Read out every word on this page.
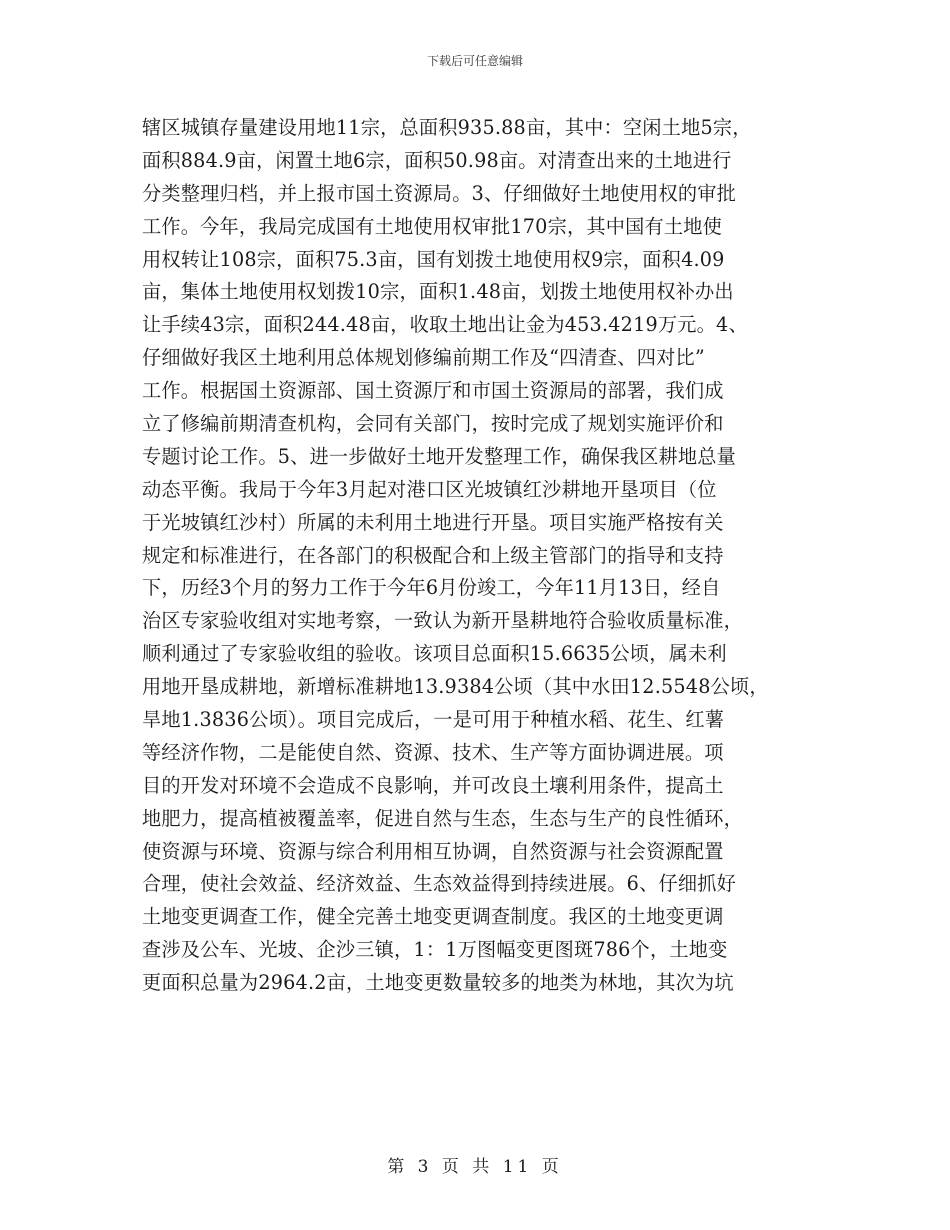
下载后可任意编辑
辖区城镇存量建设用地11宗，总面积935.88亩，其中：空闲土地5宗，
面积884.9亩，闲置土地6宗，面积50.98亩。对清查出来的土地进行
分类整理归档，并上报市国土资源局。3、仔细做好土地使用权的审批
工作。今年，我局完成国有土地使用权审批170宗，其中国有土地使
用权转让108宗，面积75.3亩，国有划拨土地使用权9宗，面积4.09
亩，集体土地使用权划拨10宗，面积1.48亩，划拨土地使用权补办出
让手续43宗，面积244.48亩，收取土地出让金为453.4219万元。4、
仔细做好我区土地利用总体规划修编前期工作及“四清查、四对比”
工作。根据国土资源部、国土资源厅和市国土资源局的部署，我们成
立了修编前期清查机构，会同有关部门，按时完成了规划实施评价和
专题讨论工作。5、进一步做好土地开发整理工作，确保我区耕地总量
动态平衡。我局于今年3月起对港口区光坡镇红沙耕地开垦项目（位
于光坡镇红沙村）所属的未利用土地进行开垦。项目实施严格按有关
规定和标准进行，在各部门的积极配合和上级主管部门的指导和支持
下，历经3个月的努力工作于今年6月份竣工，今年11月13日，经自
治区专家验收组对实地考察，一致认为新开垦耕地符合验收质量标准，
顺利通过了专家验收组的验收。该项目总面积15.6635公顷，属未利
用地开垦成耕地，新增标准耕地13.9384公顷（其中水田12.5548公顷，
旱地1.3836公顷）。项目完成后，一是可用于种植水稻、花生、红薯
等经济作物，二是能使自然、资源、技术、生产等方面协调进展。项
目的开发对环境不会造成不良影响，并可改良土壤利用条件，提高土
地肥力，提高植被覆盖率，促进自然与生态，生态与生产的良性循环，
使资源与环境、资源与综合利用相互协调，自然资源与社会资源配置
合理，使社会效益、经济效益、生态效益得到持续进展。6、仔细抓好
土地变更调查工作，健全完善土地变更调查制度。我区的土地变更调
查涉及公车、光坡、企沙三镇，1：1万图幅变更图斑786个，土地变
更面积总量为2964.2亩，土地变更数量较多的地类为林地，其次为坑
第 3 页 共 11 页
